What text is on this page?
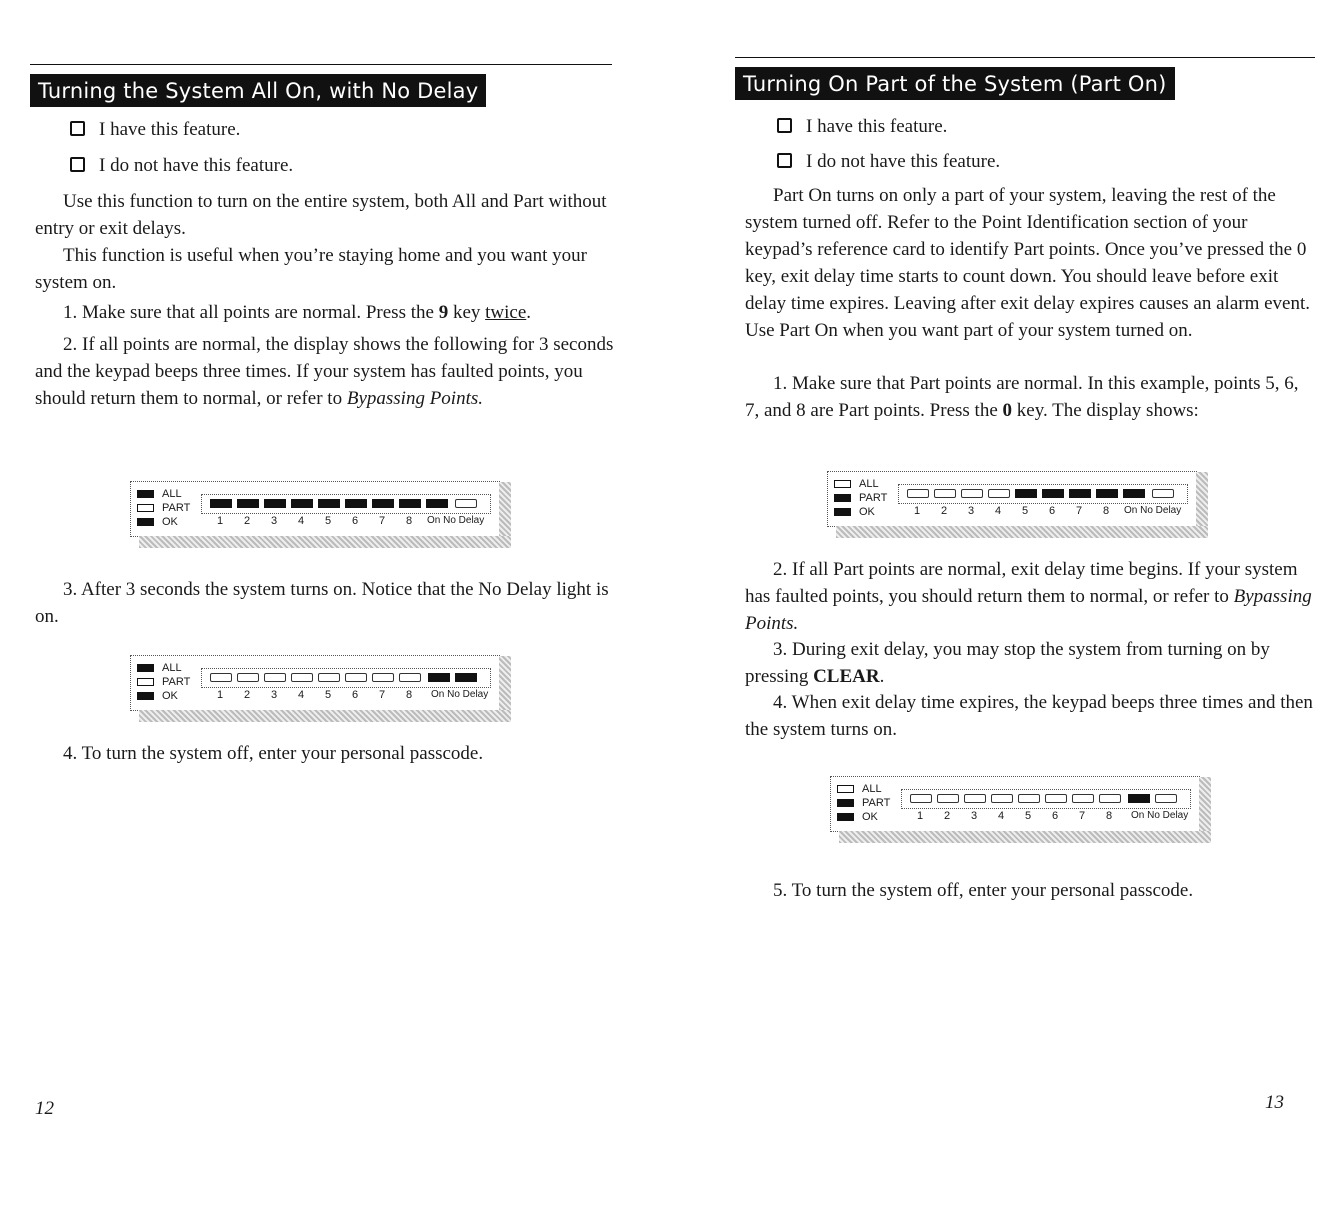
Turning the System All On, with No Delay
I have this feature.
I do not have this feature.

Use this function to turn on the entire system, both All and Part without entry or exit delays.

This function is useful when you’re staying home and you want your system on.

1. Make sure that all points are normal. Press the 9 key twice.

2. If all points are normal, the display shows the following for 3 seconds and the keypad beeps three times. If your system has faulted points, you should return them to normal, or refer to Bypassing Points.

ALL
PART
OK	1 2 3 4 5 6 7 8 On No Delay

3. After 3 seconds the system turns on. Notice that the No Delay light is on.

ALL
PART
OK	1 2 3 4 5 6 7 8 On No Delay

4. To turn the system off, enter your personal passcode.

12
Turning On Part of the System (Part On)
I have this feature.
I do not have this feature.

Part On turns on only a part of your system, leaving the rest of the system turned off. Refer to the Point Identification section of your keypad’s reference card to identify Part points. Once you’ve pressed the 0 key, exit delay time starts to count down. You should leave before exit delay time expires. Leaving after exit delay expires causes an alarm event. Use Part On when you want part of your system turned on.

1. Make sure that Part points are normal. In this example, points 5, 6, 7, and 8 are Part points. Press the 0 key. The display shows:

ALL
PART
OK	1 2 3 4 5 6 7 8 On No Delay

2. If all Part points are normal, exit delay time begins. If your system has faulted points, you should return them to normal, or refer to Bypassing Points.

3. During exit delay, you may stop the system from turning on by pressing CLEAR.

4. When exit delay time expires, the keypad beeps three times and then the system turns on.

ALL
PART
OK	1 2 3 4 5 6 7 8 On No Delay

5. To turn the system off, enter your personal passcode.

13
